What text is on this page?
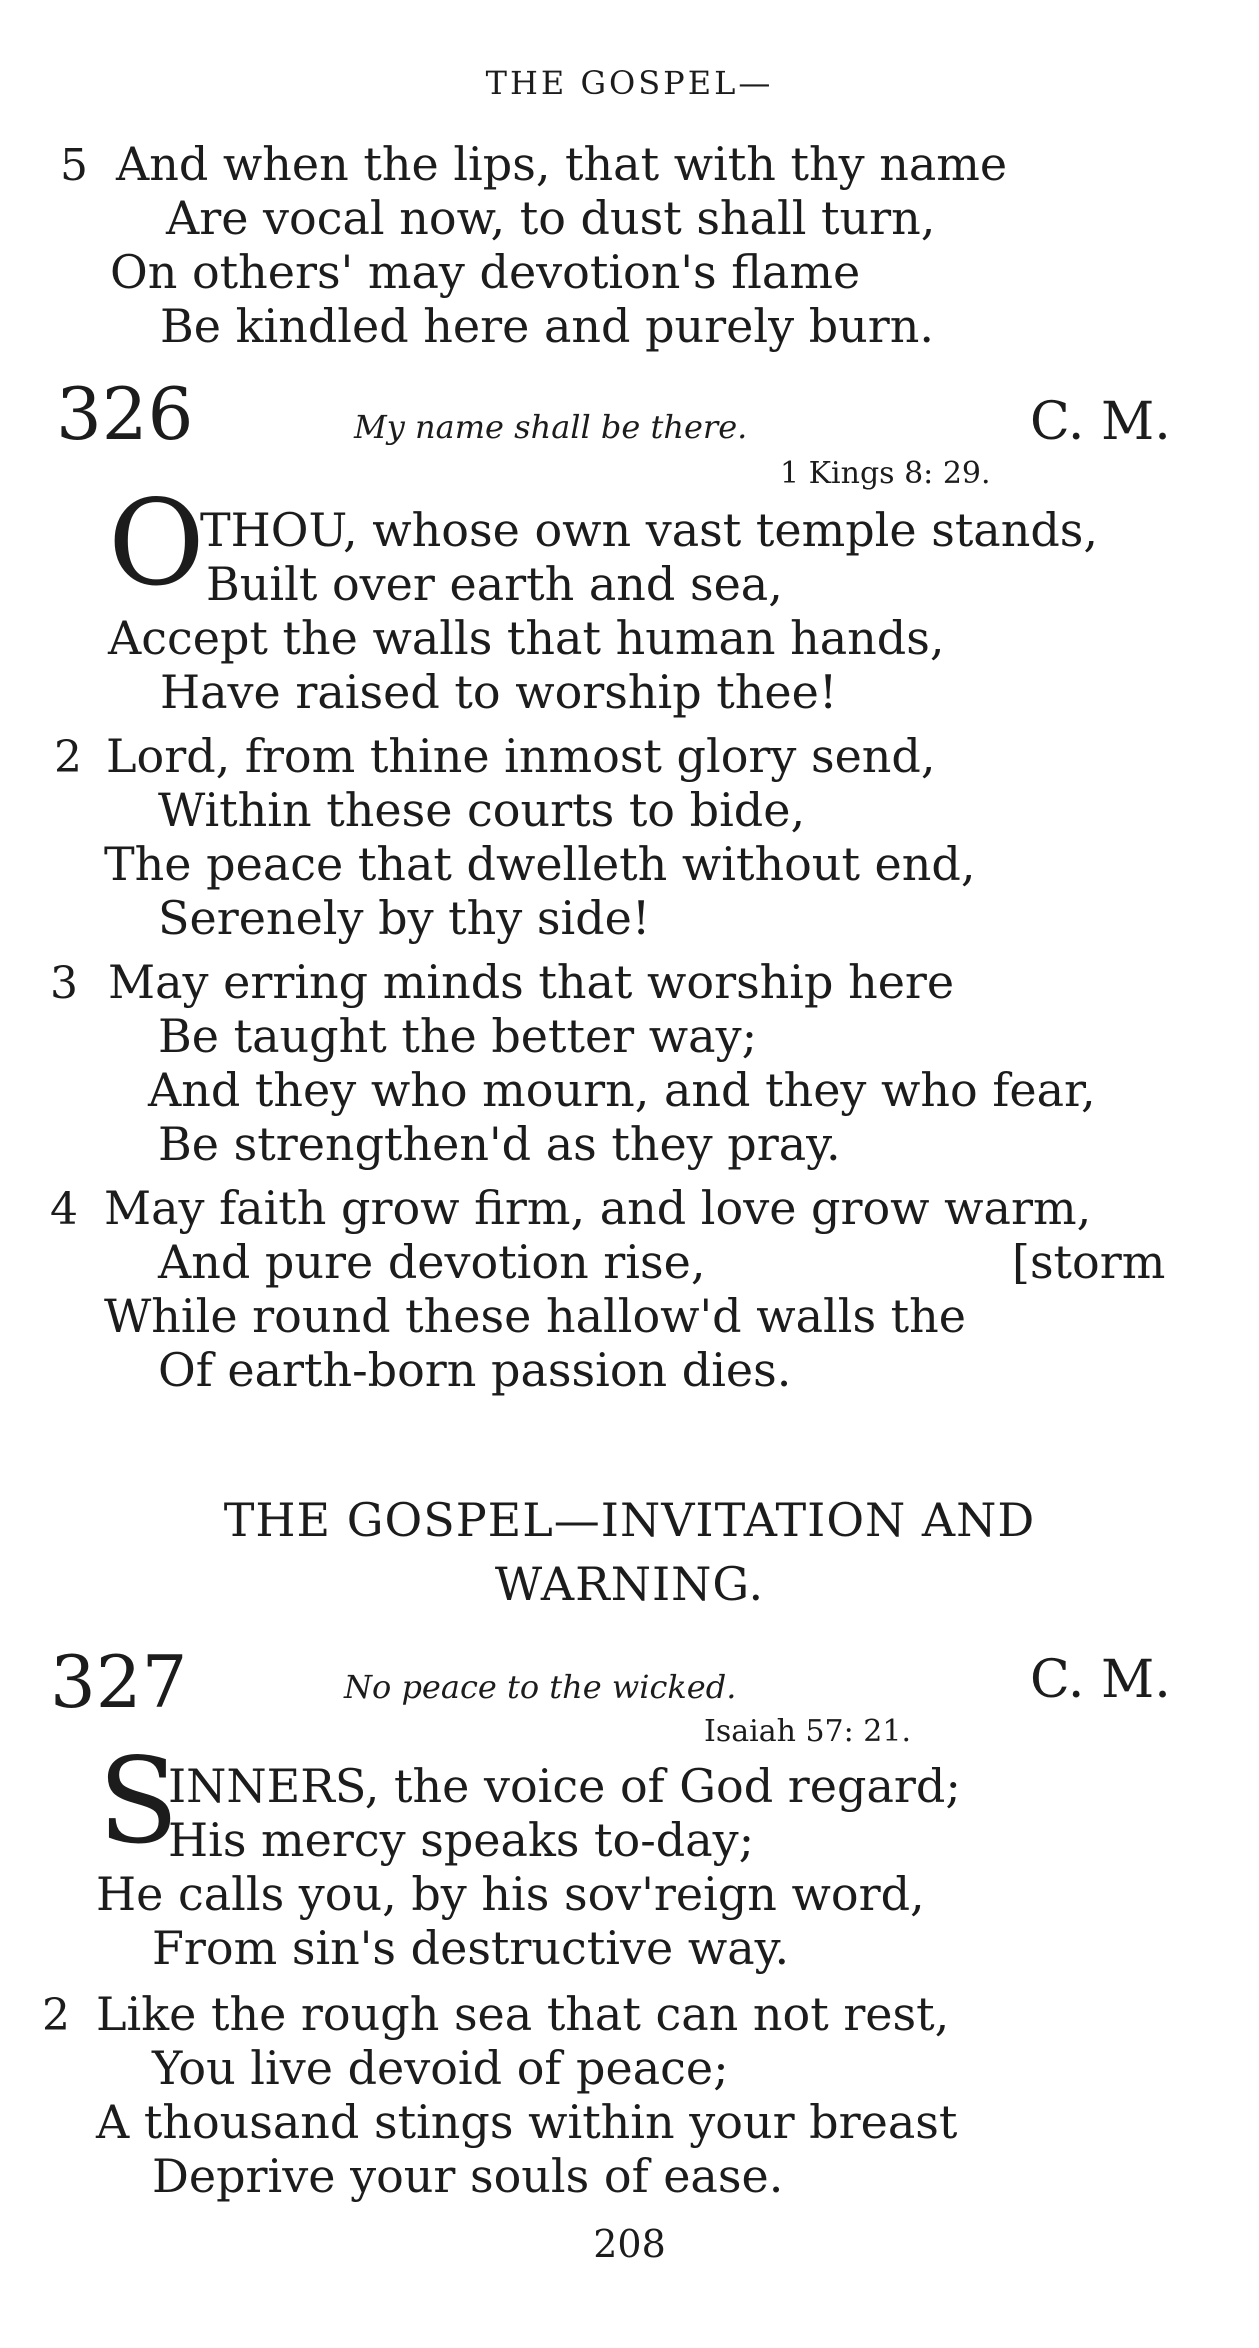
THE GOSPEL—
5 And when the lips, that with thy name
Are vocal now, to dust shall turn,
On others' may devotion's flame
Be kindled here and purely burn.
326	My name shall be there.	C. M.
1 Kings 8: 29.
O
THOU, whose own vast temple stands,
Built over earth and sea,
Accept the walls that human hands,
Have raised to worship thee!
2 Lord, from thine inmost glory send,
Within these courts to bide,
The peace that dwelleth without end,
Serenely by thy side!
3 May erring minds that worship here
Be taught the better way;
And they who mourn, and they who fear,
Be strengthen'd as they pray.
4 May faith grow firm, and love grow warm,
And pure devotion rise,	[storm
While round these hallow'd walls the
Of earth-born passion dies.
THE GOSPEL—INVITATION AND
WARNING.
327	No peace to the wicked.	C. M.
Isaiah 57: 21.
S
INNERS, the voice of God regard;
His mercy speaks to-day;
He calls you, by his sov'reign word,
From sin's destructive way.
2 Like the rough sea that can not rest,
You live devoid of peace;
A thousand stings within your breast
Deprive your souls of ease.
208
